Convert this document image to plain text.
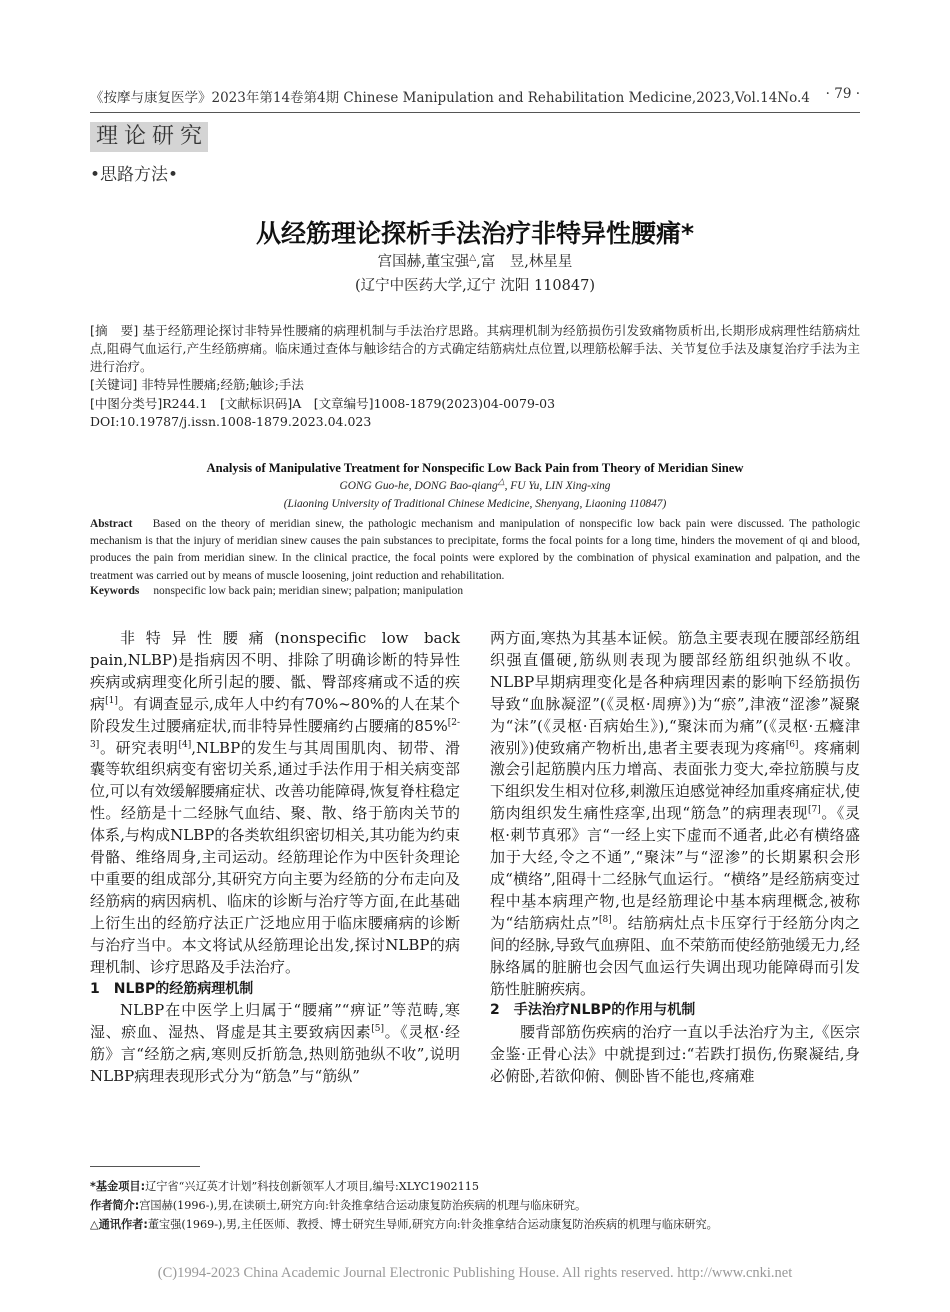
《按摩与康复医学》2023年第14卷第4期 Chinese Manipulation and Rehabilitation Medicine,2023,Vol.14No.4 · 79 ·
理论研究
•思路方法•
从经筋理论探析手法治疗非特异性腰痛*
宫国赫,董宝强△,富　昱,林星星
(辽宁中医药大学,辽宁 沈阳 110847)
[摘　要] 基于经筋理论探讨非特异性腰痛的病理机制与手法治疗思路。其病理机制为经筋损伤引发致痛物质析出,长期形成病理性结筋病灶点,阻碍气血运行,产生经筋痹痛。临床通过查体与触诊结合的方式确定结筋病灶点位置,以理筋松解手法、关节复位手法及康复治疗手法为主进行治疗。
[关键词] 非特异性腰痛;经筋;触诊;手法
[中图分类号]R244.1　 [文献标识码]A　 [文章编号]1008-1879(2023)04-0079-03
DOI:10.19787/j.issn.1008-1879.2023.04.023
Analysis of Manipulative Treatment for Nonspecific Low Back Pain from Theory of Meridian Sinew
GONG Guo-he, DONG Bao-qiang△, FU Yu, LIN Xing-xing
(Liaoning University of Traditional Chinese Medicine, Shenyang, Liaoning 110847)
Abstract Based on the theory of meridian sinew, the pathologic mechanism and manipulation of nonspecific low back pain were discussed. The pathologic mechanism is that the injury of meridian sinew causes the pain substances to precipitate, forms the focal points for a long time, hinders the movement of qi and blood, produces the pain from meridian sinew. In the clinical practice, the focal points were explored by the combination of physical examination and palpation, and the treatment was carried out by means of muscle loosening, joint reduction and rehabilitation.
Keywords nonspecific low back pain; meridian sinew; palpation; manipulation

非特异性腰痛(nonspecific low back pain,NLBP)是指病因不明、排除了明确诊断的特异性疾病或病理变化所引起的腰、骶、臀部疼痛或不适的疾病[1]。有调查显示,成年人中约有70%~80%的人在某个阶段发生过腰痛症状,而非特异性腰痛约占腰痛的85%[2-3]。研究表明[4],NLBP的发生与其周围肌肉、韧带、滑囊等软组织病变有密切关系,通过手法作用于相关病变部位,可以有效缓解腰痛症状、改善功能障碍,恢复脊柱稳定性。经筋是十二经脉气血结、聚、散、络于筋肉关节的体系,与构成NLBP的各类软组织密切相关,其功能为约束骨骼、维络周身,主司运动。经筋理论作为中医针灸理论中重要的组成部分,其研究方向主要为经筋的分布走向及经筋病的病因病机、临床的诊断与治疗等方面,在此基础上衍生出的经筋疗法正广泛地应用于临床腰痛病的诊断与治疗当中。本文将试从经筋理论出发,探讨NLBP的病理机制、诊疗思路及手法治疗。

1　NLBP的经筋病理机制

NLBP在中医学上归属于“腰痛”“痹证”等范畴,寒湿、瘀血、湿热、肾虚是其主要致病因素[5]。《灵枢·经筋》言“经筋之病,寒则反折筋急,热则筋弛纵不收”,说明NLBP病理表现形式分为“筋急”与“筋纵”

两方面,寒热为其基本证候。筋急主要表现在腰部经筋组织强直僵硬,筋纵则表现为腰部经筋组织弛纵不收。NLBP早期病理变化是各种病理因素的影响下经筋损伤导致“血脉凝涩”(《灵枢·周痹》)为“瘀”,津液“涩渗”凝聚为“沫”(《灵枢·百病始生》),“聚沫而为痛”(《灵枢·五癃津液别》)使致痛产物析出,患者主要表现为疼痛[6]。疼痛刺激会引起筋膜内压力增高、表面张力变大,牵拉筋膜与皮下组织发生相对位移,刺激压迫感觉神经加重疼痛症状,使筋肉组织发生痛性痉挛,出现“筋急”的病理表现[7]。《灵枢·刺节真邪》言“一经上实下虚而不通者,此必有横络盛加于大经,令之不通”,“聚沫”与“涩渗”的长期累积会形成“横络”,阻碍十二经脉气血运行。“横络”是经筋病变过程中基本病理产物,也是经筋理论中基本病理概念,被称为“结筋病灶点”[8]。结筋病灶点卡压穿行于经筋分肉之间的经脉,导致气血痹阻、血不荣筋而使经筋弛缓无力,经脉络属的脏腑也会因气血运行失调出现功能障碍而引发筋性脏腑疾病。

2　手法治疗NLBP的作用与机制

腰背部筋伤疾病的治疗一直以手法治疗为主,《医宗金鉴·正骨心法》中就提到过:“若跌打损伤,伤聚凝结,身必俯卧,若欲仰俯、侧卧皆不能也,疼痛难

*基金项目:辽宁省“兴辽英才计划”科技创新领军人才项目,编号:XLYC1902115
作者简介:宫国赫(1996-),男,在读硕士,研究方向:针灸推拿结合运动康复防治疾病的机理与临床研究。
△通讯作者:董宝强(1969-),男,主任医师、教授、博士研究生导师,研究方向:针灸推拿结合运动康复防治疾病的机理与临床研究。
(C)1994-2023 China Academic Journal Electronic Publishing House. All rights reserved. http://www.cnki.net
